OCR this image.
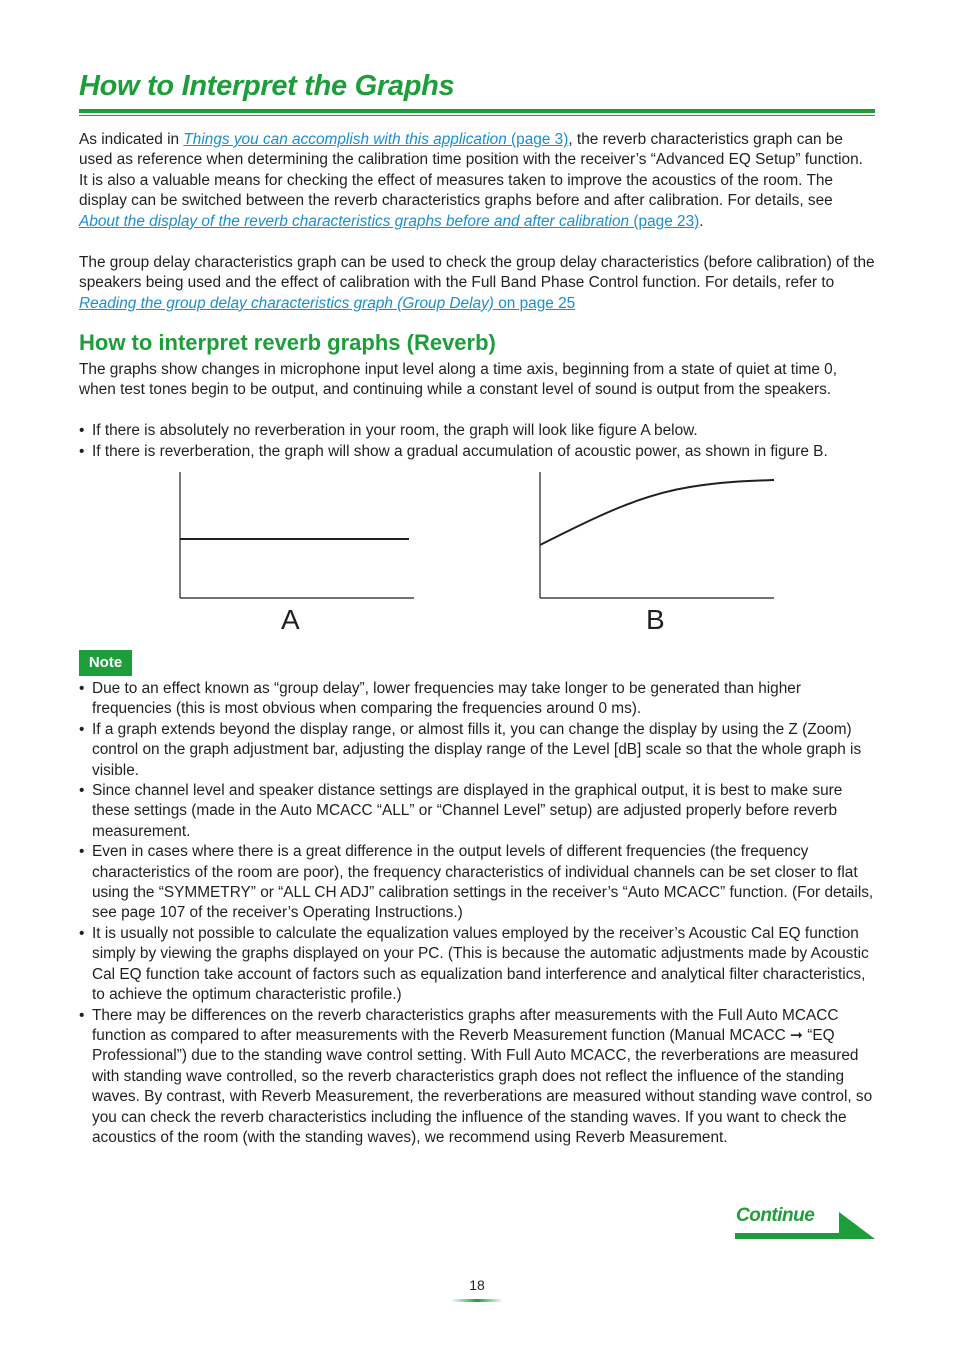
How to Interpret the Graphs

As indicated in Things you can accomplish with this application (page 3), the reverb characteristics graph can be used as reference when determining the calibration time position with the receiver’s “Advanced EQ Setup” function. It is also a valuable means for checking the effect of measures taken to improve the acoustics of the room. The display can be switched between the reverb characteristics graphs before and after calibration. For details, see About the display of the reverb characteristics graphs before and after calibration (page 23).

The group delay characteristics graph can be used to check the group delay characteristics (before calibration) of the speakers being used and the effect of calibration with the Full Band Phase Control function. For details, refer to Reading the group delay characteristics graph (Group Delay) on page 25

How to interpret reverb graphs (Reverb)

The graphs show changes in microphone input level along a time axis, beginning from a state of quiet at time 0, when test tones begin to be output, and continuing while a constant level of sound is output from the speakers.

• If there is absolutely no reverberation in your room, the graph will look like figure A below.

• If there is reverberation, the graph will show a gradual accumulation of acoustic power, as shown in figure B.

A	B
Note
• Due to an effect known as “group delay”, lower frequencies may take longer to be generated than higher frequencies (this is most obvious when comparing the frequencies around 0 ms).
• If a graph extends beyond the display range, or almost fills it, you can change the display by using the Z (Zoom) control on the graph adjustment bar, adjusting the display range of the Level [dB] scale so that the whole graph is visible.
• Since channel level and speaker distance settings are displayed in the graphical output, it is best to make sure these settings (made in the Auto MCACC “ALL” or “Channel Level” setup) are adjusted properly before reverb measurement.
• Even in cases where there is a great difference in the output levels of different frequencies (the frequency characteristics of the room are poor), the frequency characteristics of individual channels can be set closer to flat using the “SYMMETRY” or “ALL CH ADJ” calibration settings in the receiver’s “Auto MCACC” function. (For details, see page 107 of the receiver’s Operating Instructions.)
• It is usually not possible to calculate the equalization values employed by the receiver’s Acoustic Cal EQ function simply by viewing the graphs displayed on your PC. (This is because the automatic adjustments made by Acoustic Cal EQ function take account of factors such as equalization band interference and analytical filter characteristics, to achieve the optimum characteristic profile.)
• There may be differences on the reverb characteristics graphs after measurements with the Full Auto MCACC function as compared to after measurements with the Reverb Measurement function (Manual MCACC ➞ “EQ Professional”) due to the standing wave control setting. With Full Auto MCACC, the reverberations are measured with standing wave controlled, so the reverb characteristics graph does not reflect the influence of the standing waves. By contrast, with Reverb Measurement, the reverberations are measured without standing wave control, so you can check the reverb characteristics including the influence of the standing waves. If you want to check the acoustics of the room (with the standing waves), we recommend using Reverb Measurement.
Continue
18
